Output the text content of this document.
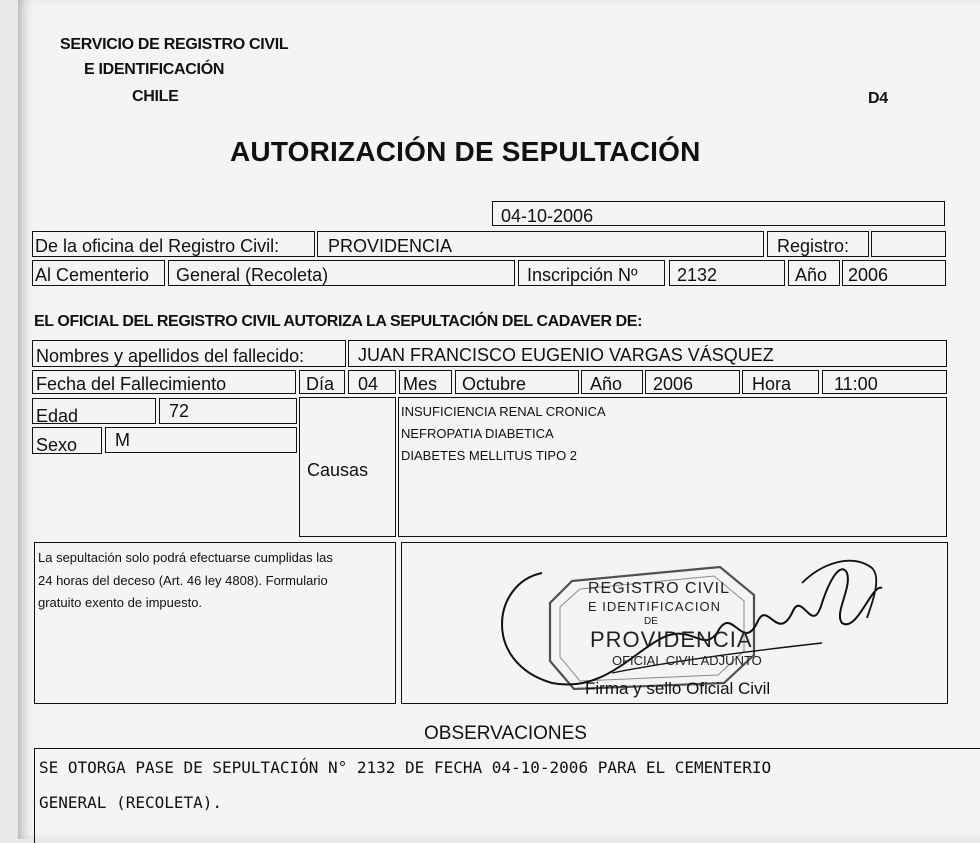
SERVICIO DE REGISTRO CIVIL
E IDENTIFICACIÓN
CHILE	D4
AUTORIZACIÓN DE SEPULTACIÓN
04-10-2006
De la oficina del Registro Civil:	PROVIDENCIA	Registro:
Al Cementerio General (Recoleta)	Inscripción Nº 2132	Año 2006
EL OFICIAL DEL REGISTRO CIVIL AUTORIZA LA SEPULTACIÓN DEL CADAVER DE:
Nombres y apellidos del fallecido:	JUAN FRANCISCO EUGENIO VARGAS VÁSQUEZ
Fecha del Fallecimiento	Día 04 Mes Octubre	Año 2006	Hora 11:00
Edad	72
Sexo M
Causas
INSUFICIENCIA RENAL CRONICA
NEFROPATIA DIABETICA
DIABETES MELLITUS TIPO 2
La sepultación solo podrá efectuarse cumplidas las
24 horas del deceso (Art. 46 ley 4808). Formulario
gratuito exento de impuesto.
REGISTRO CIVIL
E IDENTIFICACION
DE
PROVIDENCIA
OFICIAL CIVIL ADJUNTO
Firma y sello Oficial Civil
OBSERVACIONES
SE OTORGA PASE DE SEPULTACIÓN N° 2132 DE FECHA 04-10-2006 PARA EL CEMENTERIO
GENERAL (RECOLETA).
